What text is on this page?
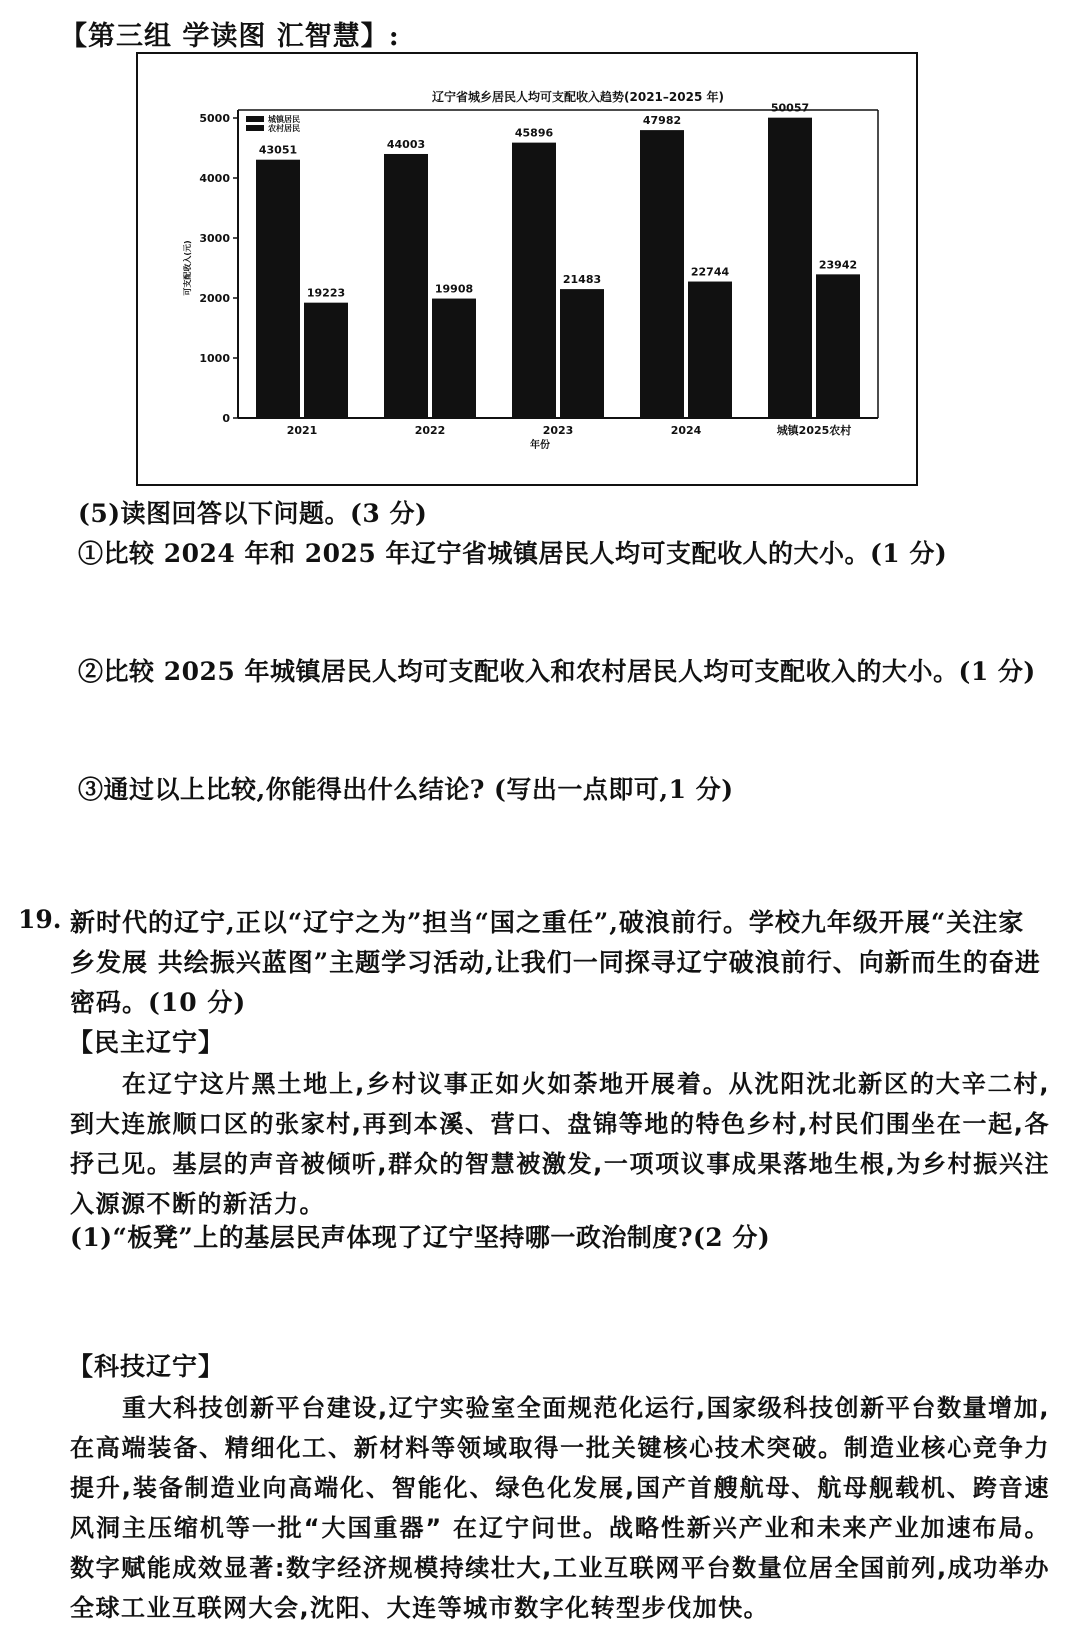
【第三组 学读图 汇智慧】:
辽宁省城乡居民人均可支配收入趋势(2021–2025 年)
0
1000
2000
3000
4000
5000
可支配收入(元)
43051
19223
2021
44003
19908
2022
45896
21483
2023
47982
22744
2024
50057
23942
城镇2025农村
年份
城镇居民
农村居民
(5)读图回答以下问题。(3 分)
①比较 2024 年和 2025 年辽宁省城镇居民人均可支配收人的大小。(1 分)
②比较 2025 年城镇居民人均可支配收入和农村居民人均可支配收入的大小。(1 分)
③通过以上比较,你能得出什么结论? (写出一点即可,1 分)
19. 新时代的辽宁,正以“辽宁之为”担当“国之重任”,破浪前行。学校九年级开展“关注家乡发展 共绘振兴蓝图”主题学习活动,让我们一同探寻辽宁破浪前行、向新而生的奋进密码。(10 分)
【民主辽宁】
在辽宁这片黑土地上,乡村议事正如火如荼地开展着。从沈阳沈北新区的大辛二村,到大连旅顺口区的张家村,再到本溪、营口、盘锦等地的特色乡村,村民们围坐在一起,各抒己见。基层的声音被倾听,群众的智慧被激发,一项项议事成果落地生根,为乡村振兴注入源源不断的新活力。
(1)“板凳”上的基层民声体现了辽宁坚持哪一政治制度?(2 分)
【科技辽宁】
重大科技创新平台建设,辽宁实验室全面规范化运行,国家级科技创新平台数量增加,在高端装备、精细化工、新材料等领域取得一批关键核心技术突破。制造业核心竞争力提升,装备制造业向高端化、智能化、绿色化发展,国产首艘航母、航母舰载机、跨音速风洞主压缩机等一批“大国重器” 在辽宁问世。战略性新兴产业和未来产业加速布局。数字赋能成效显著:数字经济规模持续壮大,工业互联网平台数量位居全国前列,成功举办全球工业互联网大会,沈阳、大连等城市数字化转型步伐加快。
